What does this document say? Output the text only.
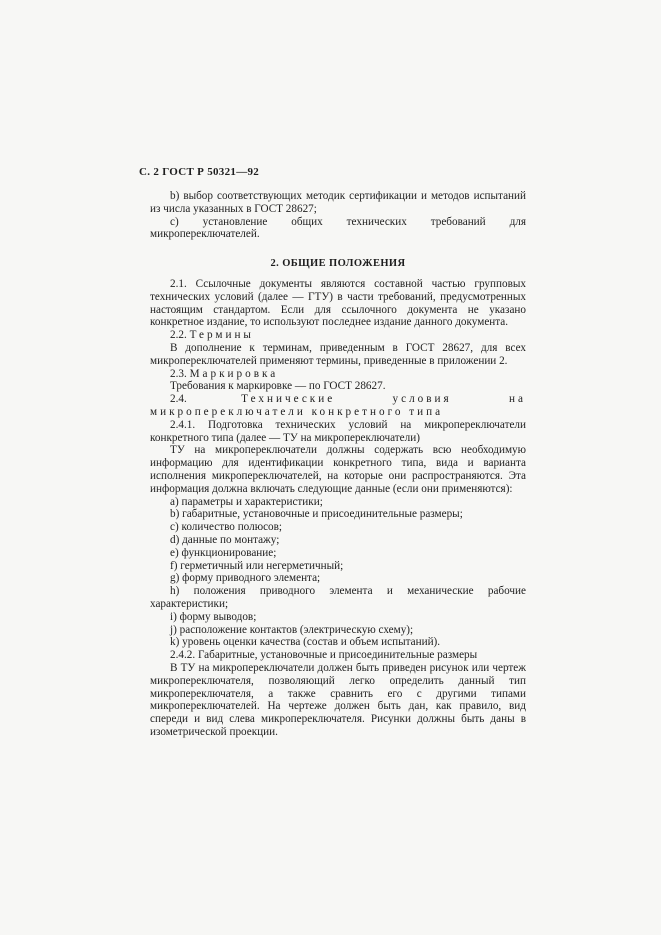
С. 2 ГОСТ Р 50321—92

b) выбор соответствующих методик сертификации и методов испытаний из числа указанных в ГОСТ 28627;

с) установление общих технических требований для микропереключателей.

2. ОБЩИЕ ПОЛОЖЕНИЯ

2.1. Ссылочные документы являются составной частью групповых технических условий (далее — ГТУ) в части требований, предусмотренных настоящим стандартом. Если для ссылочного документа не указано конкретное издание, то используют последнее издание данного документа.

2.2. Термины

В дополнение к терминам, приведенным в ГОСТ 28627, для всех микропереключателей применяют термины, приведенные в приложении 2.

2.3. Маркировка

Требования к маркировке — по ГОСТ 28627.

2.4.	Технические условия на микропереключатели конкретного типа

2.4.1. Подготовка технических условий на микропереключатели конкретного типа (далее — ТУ на микропереключатели)

ТУ на микропереключатели должны содержать всю необходимую информацию для идентификации конкретного типа, вида и варианта исполнения микропереключателей, на которые они распространяются. Эта информация должна включать следующие данные (если они применяются):

а) параметры и характеристики;

b) габаритные, установочные и присоединительные размеры;

с) количество полюсов;

d) данные по монтажу;

е) функционирование;

f) герметичный или негерметичный;

g) форму приводного элемента;

h) положения приводного элемента и механические рабочие характеристики;

i) форму выводов;

j) расположение контактов (электрическую схему);

k) уровень оценки качества (состав и объем испытаний).

2.4.2. Габаритные, установочные и присоединительные размеры

В ТУ на микропереключатели должен быть приведен рисунок или чертеж микропереключателя, позволяющий легко определить данный тип микропереключателя, а также сравнить его с другими типами микропереключателей. На чертеже должен быть дан, как правило, вид спереди и вид слева микропереключателя. Рисунки должны быть даны в изометрической проекции.
